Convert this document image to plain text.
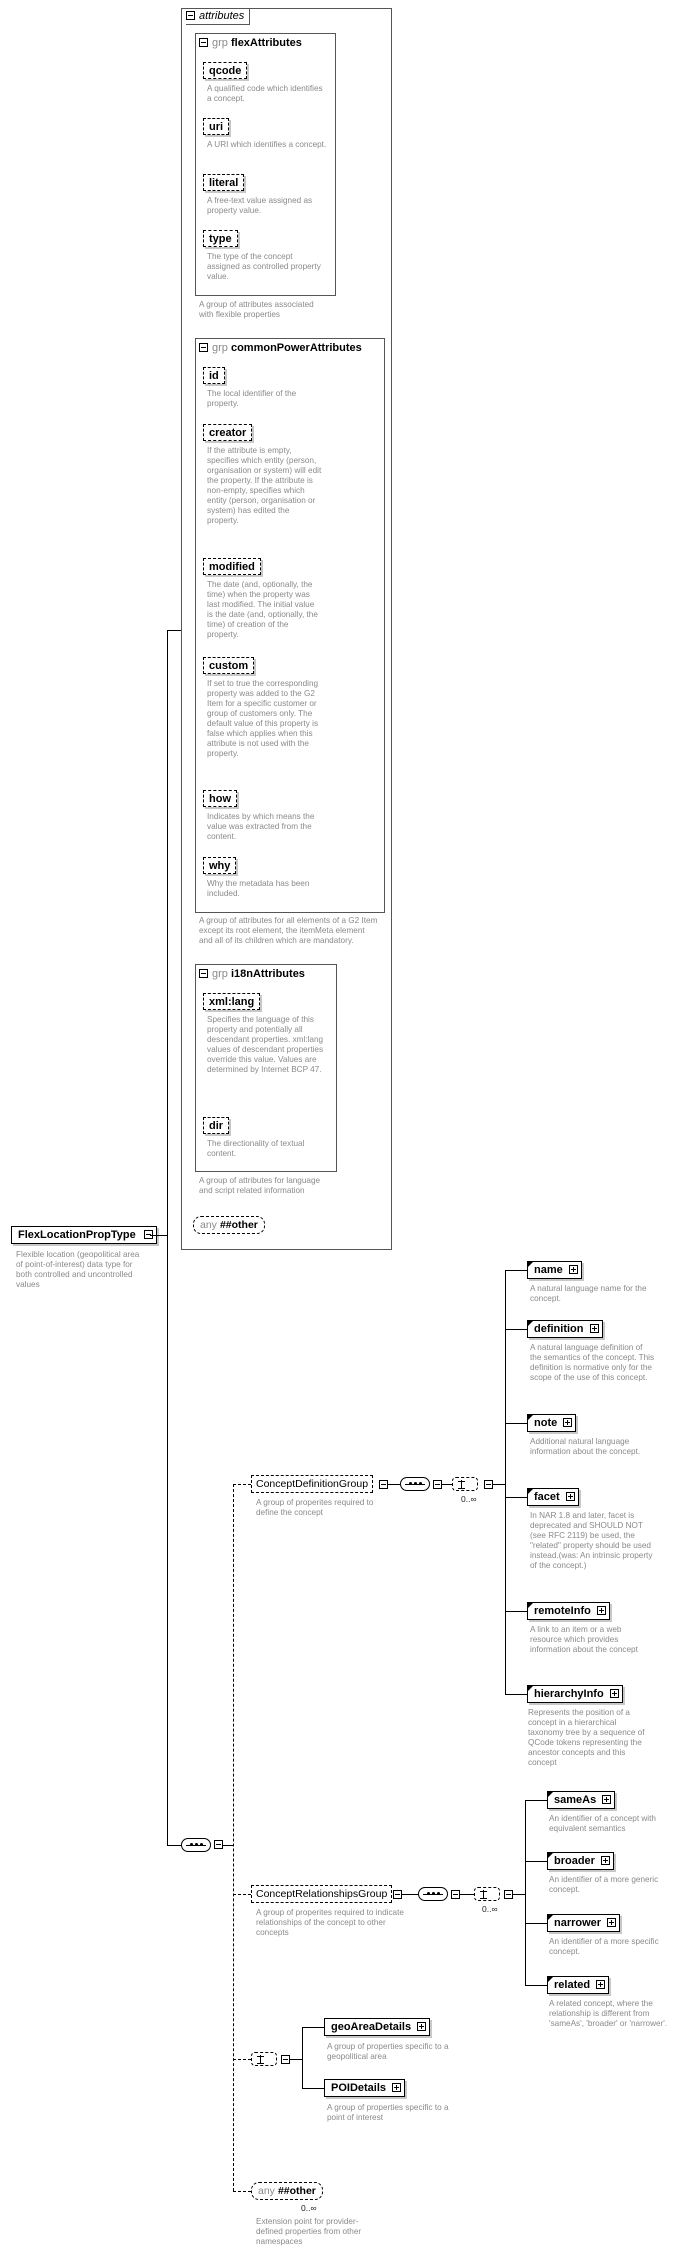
FlexLocationPropType
Flexible location (geopolitical area of point-of-interest) data type for both controlled and uncontrolled values
attributes
grp flexAttributes
qcode
A qualified code which identifies a concept.
uri
A URI which identifies a concept.
literal
A free-text value assigned as property value.
type
The type of the concept assigned as controlled property value.
A group of attributes associated with flexible properties
grp commonPowerAttributes
id
The local identifier of the property.
creator
If the attribute is empty, specifies which entity (person, organisation or system) will edit the property. If the attribute is non-empty, specifies which entity (person, organisation or system) has edited the property.
modified
The date (and, optionally, the time) when the property was last modified. The initial value is the date (and, optionally, the time) of creation of the property.
custom
If set to true the corresponding property was added to the G2 Item for a specific customer or group of customers only. The default value of this property is false which applies when this attribute is not used with the property.
how
Indicates by which means the value was extracted from the content.
why
Why the metadata has been included.
A group of attributes for all elements of a G2 Item except its root element, the itemMeta element and all of its children which are mandatory.
grp i18nAttributes
xml:lang
Specifies the language of this property and potentially all descendant properties. xml:lang values of descendant properties override this value. Values are determined by Internet BCP 47.
dir
The directionality of textual content.
A group of attributes for language and script related information
any ##other
ConceptDefinitionGroup
A group of properites required to define the concept
0..∞
name
A natural language name for the concept.
definition
A natural language definition of the semantics of the concept. This definition is normative only for the scope of the use of this concept.
note
Additional natural language information about the concept.
facet
In NAR 1.8 and later, facet is deprecated and SHOULD NOT (see RFC 2119) be used, the "related" property should be used instead.(was: An intrinsic property of the concept.)
remoteInfo
A link to an item or a web resource which provides information about the concept
hierarchyInfo
Represents the position of a concept in a hierarchical taxonomy tree by a sequence of QCode tokens representing the ancestor concepts and this concept
ConceptRelationshipsGroup
A group of properites required to indicate relationships of the concept to other concepts
0..∞
sameAs
An identifier of a concept with equivalent semantics
broader
An identifier of a more generic concept.
narrower
An identifier of a more specific concept.
related
A related concept, where the relationship is different from 'sameAs', 'broader' or 'narrower'.
geoAreaDetails
A group of properties specific to a geopolitical area
POIDetails
A group of properties specific to a point of interest
any ##other
0..∞
Extension point for provider-defined properties from other namespaces
